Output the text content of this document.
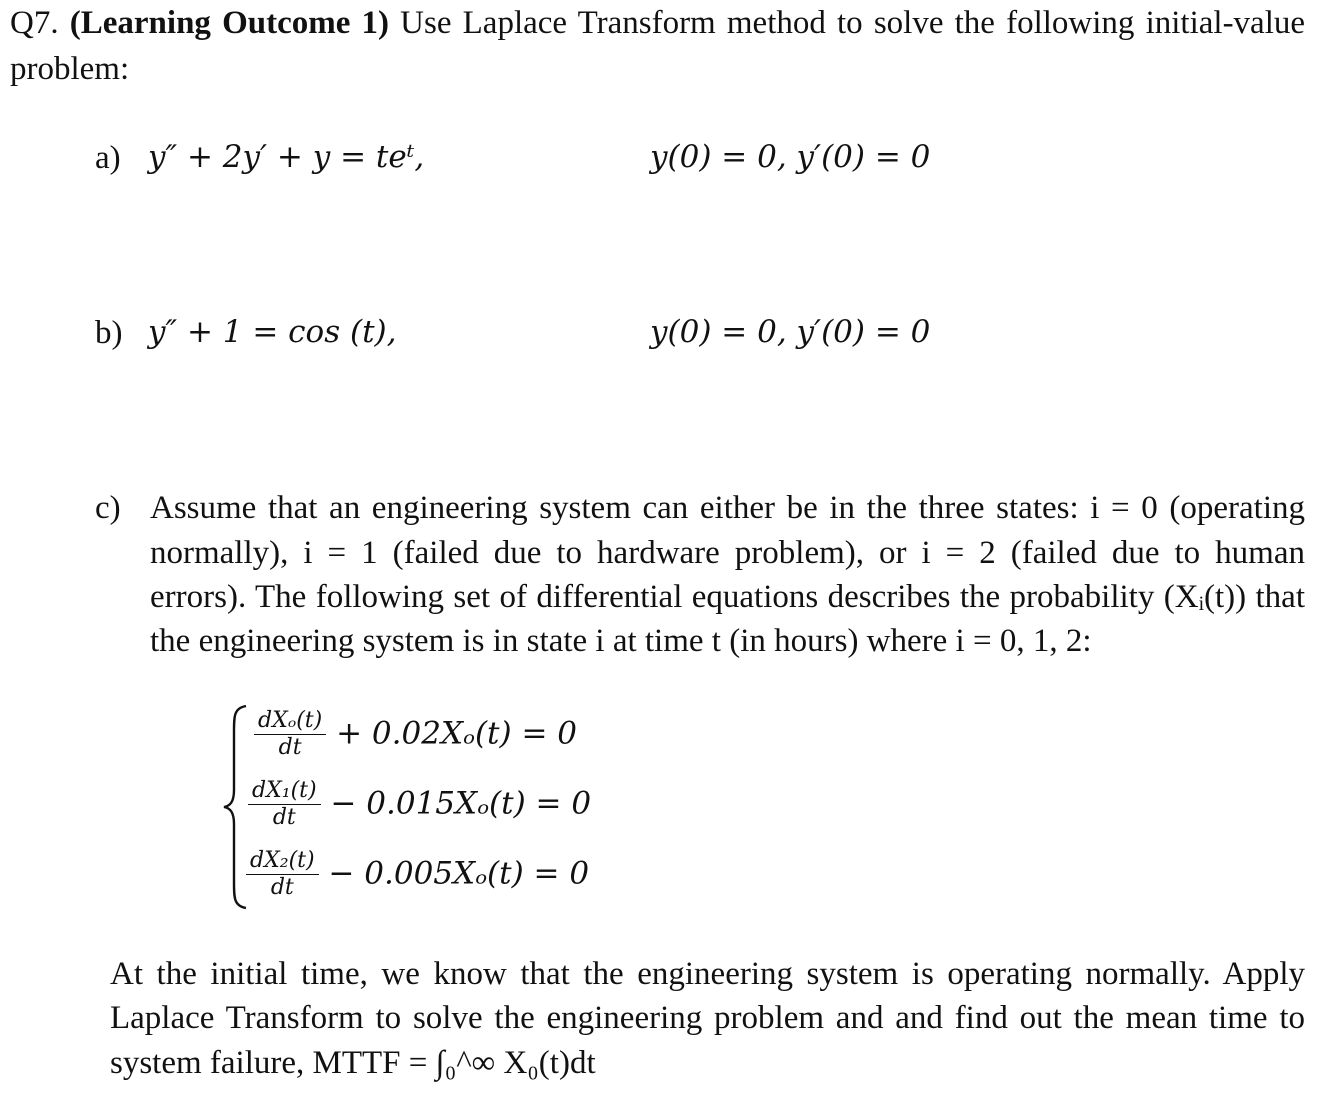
Q7. (Learning Outcome 1) Use Laplace Transform method to solve the following initial-value
problem:
a) y″ + 2y′ + y = teᵗ,	y(0) = 0, y′(0) = 0
b) y″ + 1 = cos (t),	y(0) = 0, y′(0) = 0
c) Assume that an engineering system can either be in the three states: i = 0 (operating
normally), i = 1 (failed due to hardware problem), or i = 2 (failed due to human
errors). The following set of differential equations describes the probability (Xᵢ(t)) that
the engineering system is in state i at time t (in hours) where i = 0, 1, 2:
$\frac{\text{dXₒ(t)}}{dt} + 0.02X_o(t) = 0$
$\frac{\text{dX₁(t)}}{dt} - 0.015X_o(t) = 0$
$\frac{\text{dX₂(t)}}{dt} - 0.005X_o(t) = 0$
At the initial time, we know that the engineering system is operating normally. Apply
Laplace Transform to solve the engineering problem and and find out the mean time to
system failure, MTTF = ∫₀^∞ X₀(t)dt
